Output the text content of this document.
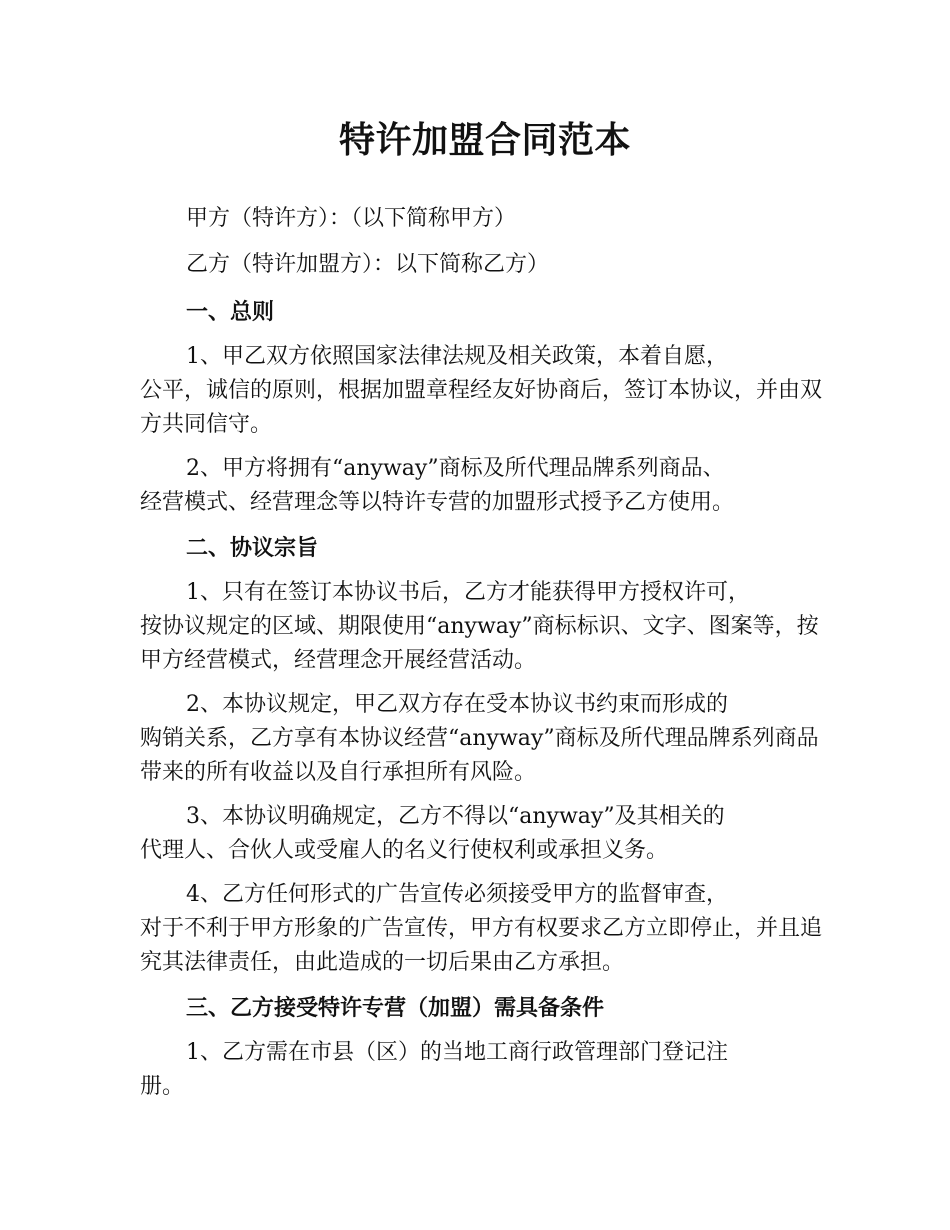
特许加盟合同范本

甲方（特许方）：（以下简称甲方）

乙方（特许加盟方）：以下简称乙方）

一、总则
1、甲乙双方依照国家法律法规及相关政策，本着自愿，
公平，诚信的原则，根据加盟章程经友好协商后，签订本协议，并由双方共同信守。
2、甲方将拥有“anyway”商标及所代理品牌系列商品、
经营模式、经营理念等以特许专营的加盟形式授予乙方使用。
二、协议宗旨
1、只有在签订本协议书后，乙方才能获得甲方授权许可，
按协议规定的区域、期限使用“anyway”商标标识、文字、图案等，按甲方经营模式，经营理念开展经营活动。
2、本协议规定，甲乙双方存在受本协议书约束而形成的
购销关系，乙方享有本协议经营“anyway”商标及所代理品牌系列商品带来的所有收益以及自行承担所有风险。
3、本协议明确规定，乙方不得以“anyway”及其相关的
代理人、合伙人或受雇人的名义行使权利或承担义务。
4、乙方任何形式的广告宣传必须接受甲方的监督审查，
对于不利于甲方形象的广告宣传，甲方有权要求乙方立即停止，并且追究其法律责任，由此造成的一切后果由乙方承担。
三、乙方接受特许专营（加盟）需具备条件
1、乙方需在市县（区）的当地工商行政管理部门登记注
册。
